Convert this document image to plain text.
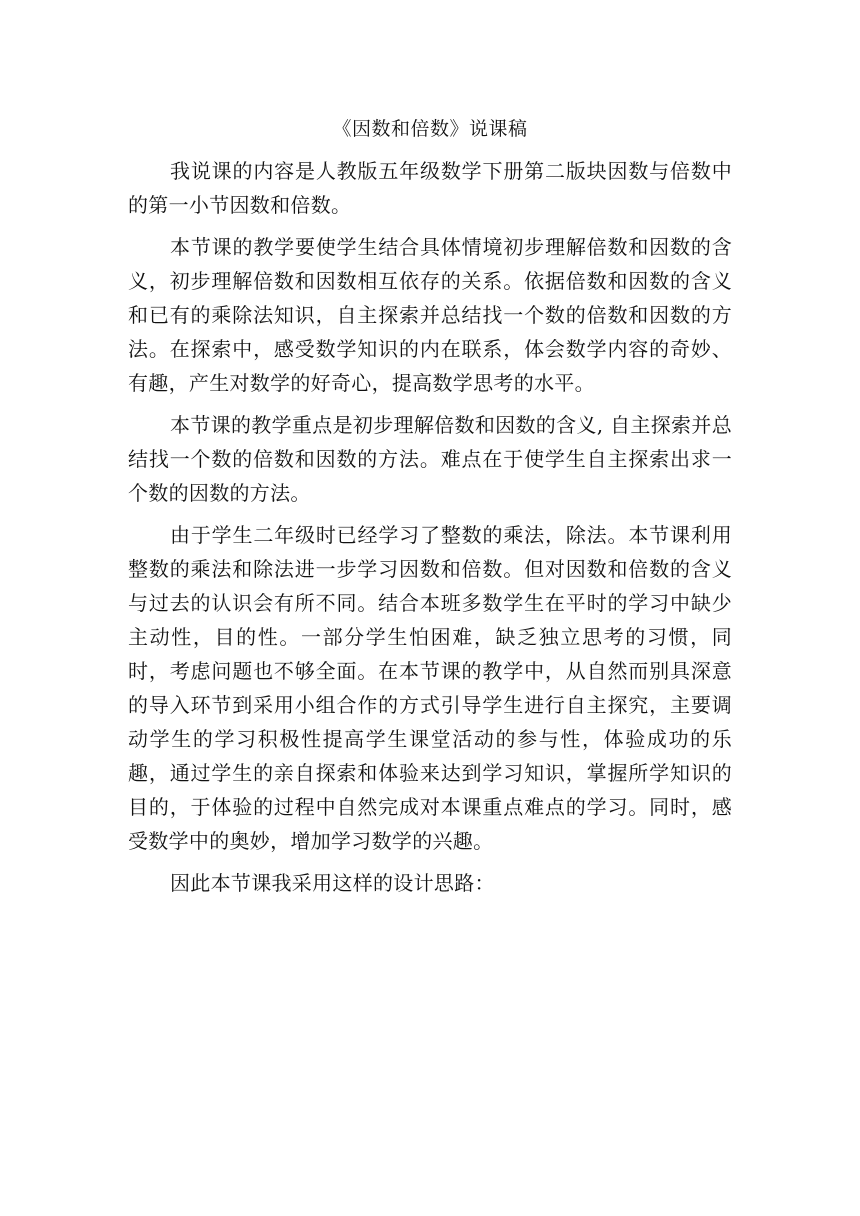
《因数和倍数》说课稿

我说课的内容是人教版五年级数学下册第二版块因数与倍数中的第一小节因数和倍数。

本节课的教学要使学生结合具体情境初步理解倍数和因数的含义，初步理解倍数和因数相互依存的关系。依据倍数和因数的含义和已有的乘除法知识，自主探索并总结找一个数的倍数和因数的方法。在探索中，感受数学知识的内在联系，体会数学内容的奇妙、有趣，产生对数学的好奇心，提高数学思考的水平。

本节课的教学重点是初步理解倍数和因数的含义, 自主探索并总结找一个数的倍数和因数的方法。难点在于使学生自主探索出求一个数的因数的方法。

由于学生二年级时已经学习了整数的乘法，除法。本节课利用整数的乘法和除法进一步学习因数和倍数。但对因数和倍数的含义与过去的认识会有所不同。结合本班多数学生在平时的学习中缺少主动性，目的性。一部分学生怕困难，缺乏独立思考的习惯，同时，考虑问题也不够全面。在本节课的教学中，从自然而别具深意的导入环节到采用小组合作的方式引导学生进行自主探究，主要调动学生的学习积极性提高学生课堂活动的参与性，体验成功的乐趣，通过学生的亲自探索和体验来达到学习知识，掌握所学知识的目的，于体验的过程中自然完成对本课重点难点的学习。同时，感受数学中的奥妙，增加学习数学的兴趣。

因此本节课我采用这样的设计思路：
